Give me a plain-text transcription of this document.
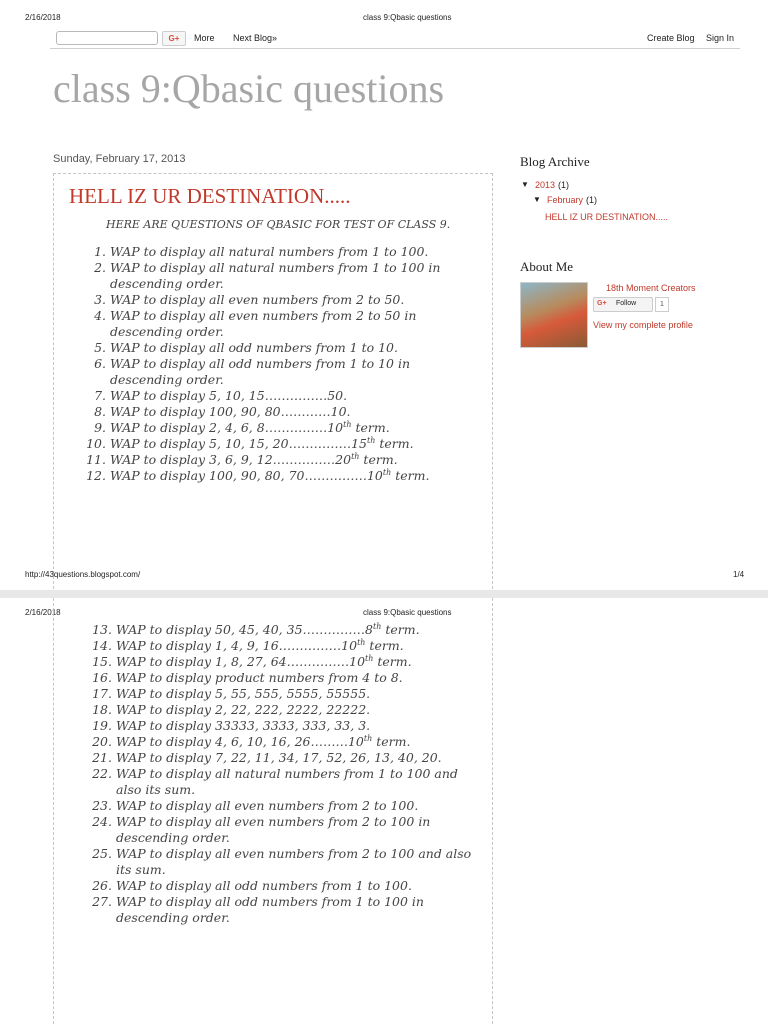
2/16/2018	class 9:Qbasic questions
G+	More Next Blog»	Create Blog Sign In
class 9:Qbasic questions
Sunday, February 17, 2013
HELL IZ UR DESTINATION.....
HERE ARE QUESTIONS OF QBASIC FOR TEST OF CLASS 9.
1. WAP to display all natural numbers from 1 to 100.
2. WAP to display all natural numbers from 1 to 100 in descending order.
3. WAP to display all even numbers from 2 to 50.
4. WAP to display all even numbers from 2 to 50 in descending order.
5. WAP to display all odd numbers from 1 to 10.
6. WAP to display all odd numbers from 1 to 10 in descending order.
7. WAP to display 5, 10, 15……………50.
8. WAP to display 100, 90, 80…………10.
9. WAP to display 2, 4, 6, 8……………10th term.
10. WAP to display 5, 10, 15, 20……………15th term.
11. WAP to display 3, 6, 9, 12……………20th term.
12. WAP to display 100, 90, 80, 70……………10th term.
Blog Archive
▼ 2013 (1)
▼ February (1)
HELL IZ UR DESTINATION.....
About Me
18th Moment Creators
G+ Follow	1
View my complete profile
http://43questions.blogspot.com/	1/4
2/16/2018	class 9:Qbasic questions
13. WAP to display 50, 45, 40, 35……………8th term.
14. WAP to display 1, 4, 9, 16……………10th term.
15. WAP to display 1, 8, 27, 64……………10th term.
16. WAP to display product numbers from 4 to 8.
17. WAP to display 5, 55, 555, 5555, 55555.
18. WAP to display 2, 22, 222, 2222, 22222.
19. WAP to display 33333, 3333, 333, 33, 3.
20. WAP to display 4, 6, 10, 16, 26………10th term.
21. WAP to display 7, 22, 11, 34, 17, 52, 26, 13, 40, 20.
22. WAP to display all natural numbers from 1 to 100 and also its sum.
23. WAP to display all even numbers from 2 to 100.
24. WAP to display all even numbers from 2 to 100 in descending order.
25. WAP to display all even numbers from 2 to 100 and also its sum.
26. WAP to display all odd numbers from 1 to 100.
27. WAP to display all odd numbers from 1 to 100 in descending order.
